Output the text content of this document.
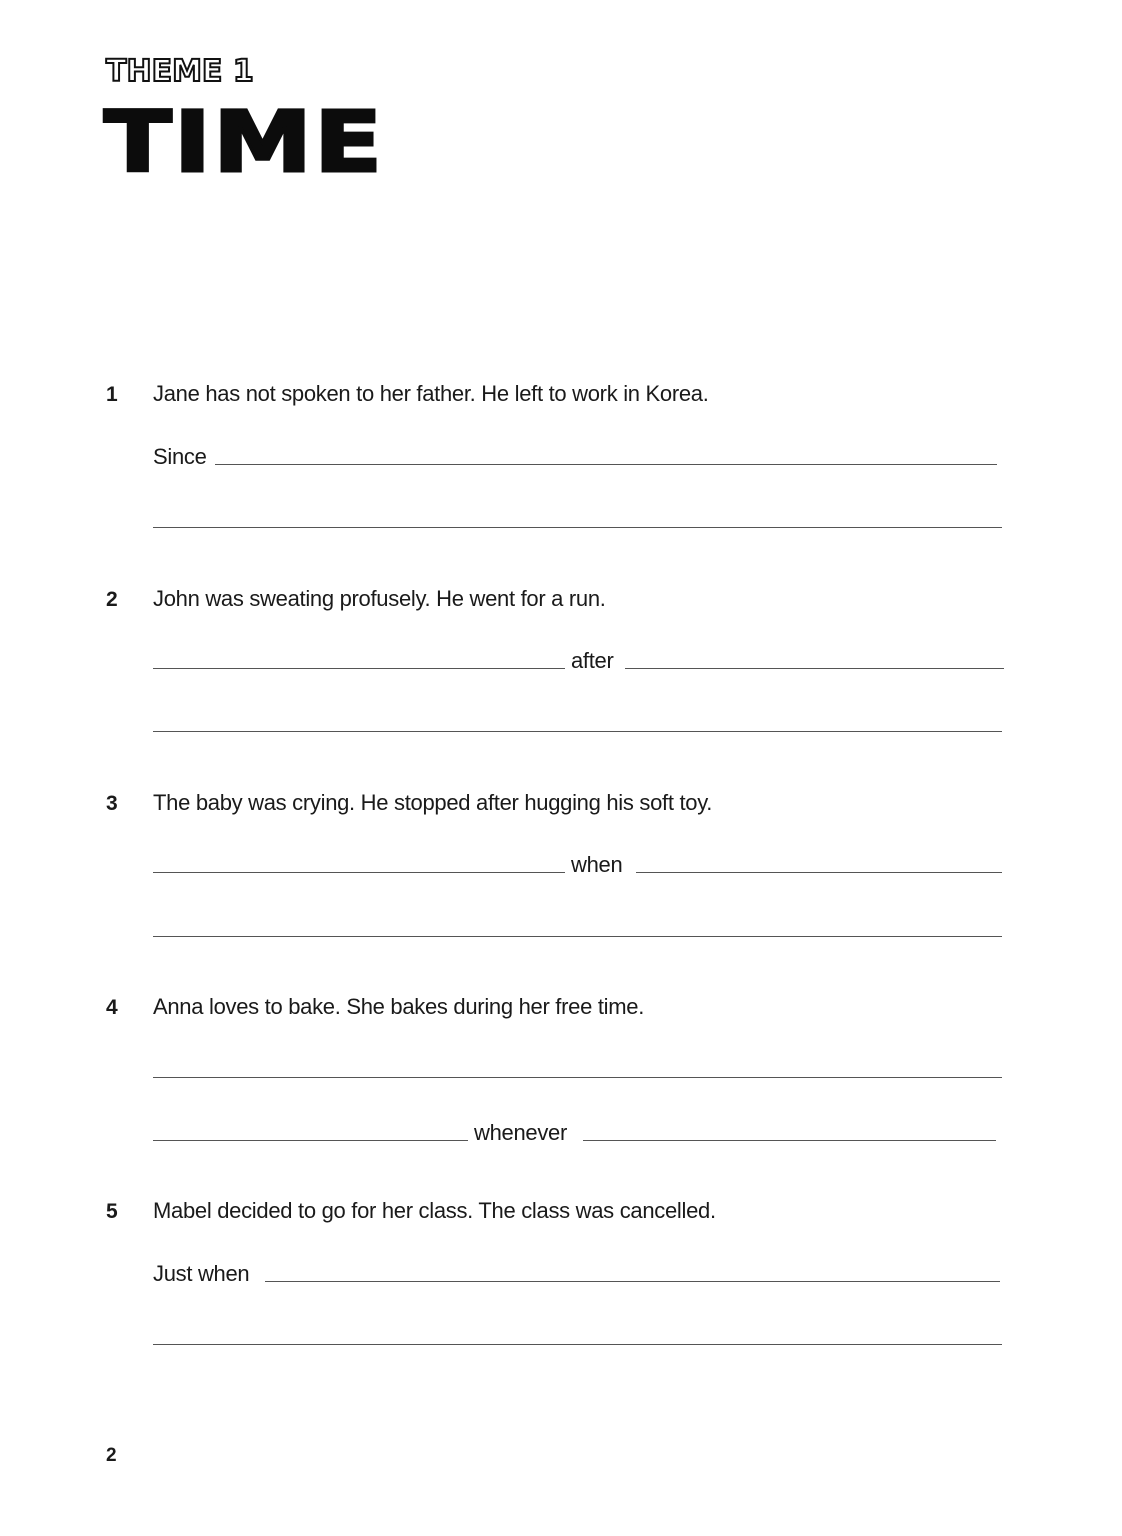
THEME 1
TIME
1 Jane has not spoken to her father. He left to work in Korea.
Since
2 John was sweating profusely. He went for a run.
after
3 The baby was crying. He stopped after hugging his soft toy.
when
4 Anna loves to bake. She bakes during her free time.
whenever
5 Mabel decided to go for her class. The class was cancelled.
Just when
2
